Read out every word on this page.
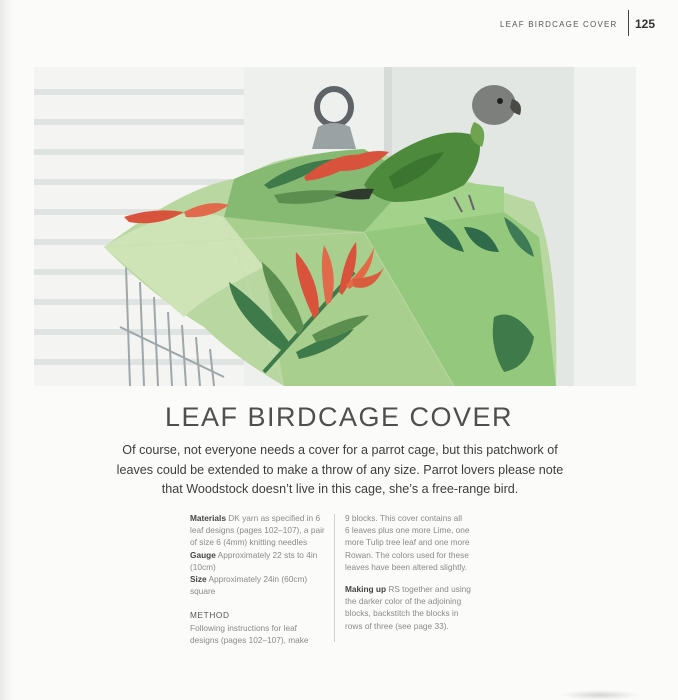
LEAF BIRDCAGE COVER 125
LEAF BIRDCAGE COVER
Of course, not everyone needs a cover for a parrot cage, but this patchwork of
leaves could be extended to make a throw of any size. Parrot lovers please note
that Woodstock doesn’t live in this cage, she’s a free-range bird.

Materials DK yarn as specified in 6
leaf designs (pages 102–107), a pair
of size 6 (4mm) knitting needles

Gauge Approximately 22 sts to 4in
(10cm)

Size Approximately 24in (60cm)
square

METHOD

Following instructions for leaf
designs (pages 102–107), make

9 blocks. This cover contains all
6 leaves plus one more Lime, one
more Tulip tree leaf and one more
Rowan. The colors used for these
leaves have been altered slightly.

Making up RS together and using
the darker color of the adjoining
blocks, backstitch the blocks in
rows of three (see page 33).
